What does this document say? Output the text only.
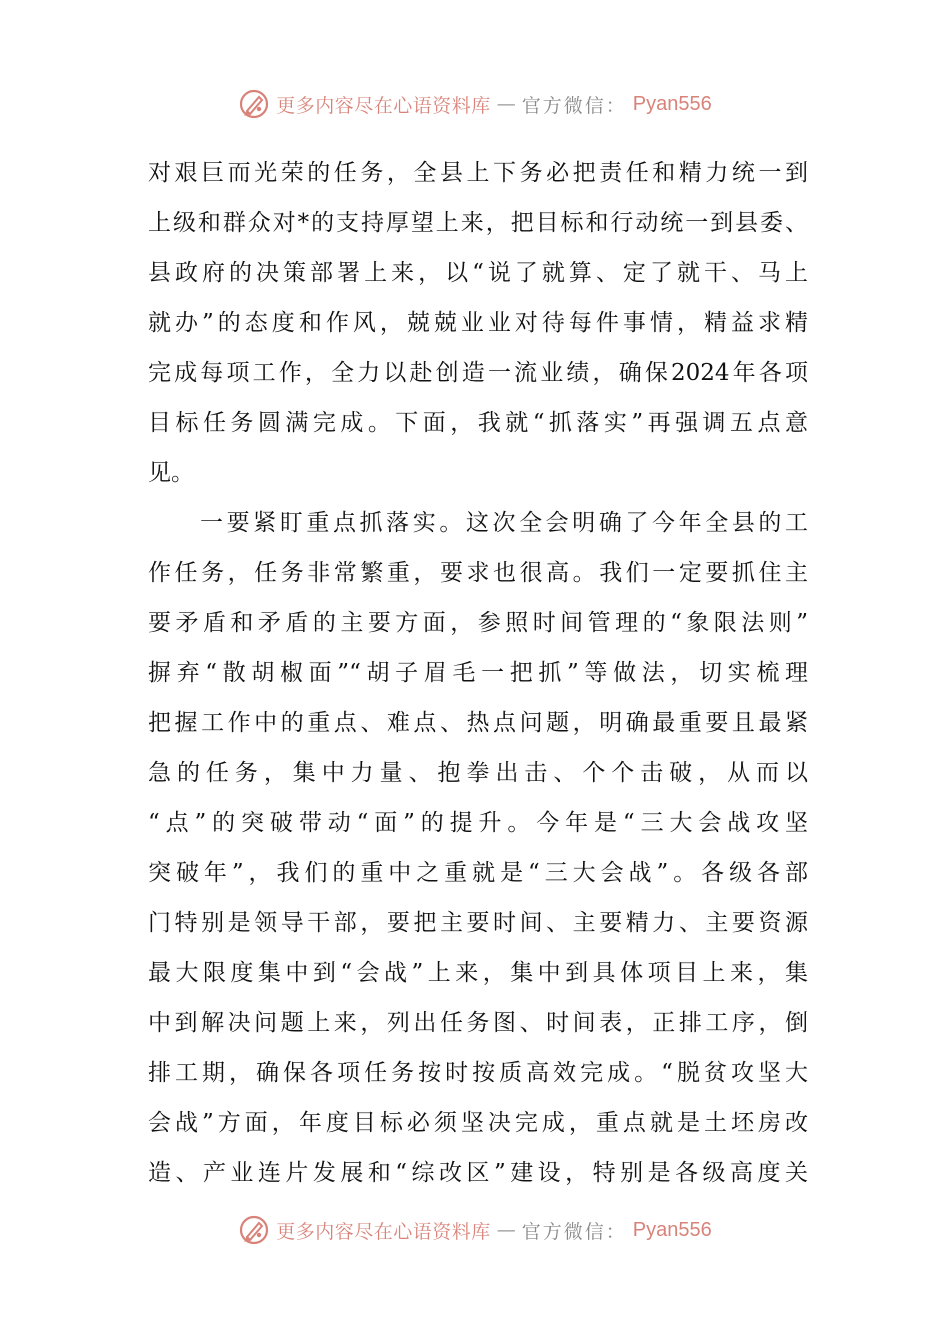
更多内容尽在心语资料库 — 官方微信： Pyan556
对艰巨而光荣的任务，全县上下务必把责任和精力统一到
上级和群众对*的支持厚望上来，把目标和行动统一到县委、
县政府的决策部署上来，以“说了就算、定了就干、马上
就办”的态度和作风，兢兢业业对待每件事情，精益求精
完成每项工作，全力以赴创造一流业绩，确保2024年各项
目标任务圆满完成。下面，我就“抓落实”再强调五点意
见。
一要紧盯重点抓落实。这次全会明确了今年全县的工
作任务，任务非常繁重，要求也很高。我们一定要抓住主
要矛盾和矛盾的主要方面，参照时间管理的“象限法则”
摒弃“散胡椒面”“胡子眉毛一把抓”等做法，切实梳理
把握工作中的重点、难点、热点问题，明确最重要且最紧
急的任务，集中力量、抱拳出击、个个击破，从而以
“点”的突破带动“面”的提升。今年是“三大会战攻坚
突破年”，我们的重中之重就是“三大会战”。各级各部
门特别是领导干部，要把主要时间、主要精力、主要资源
最大限度集中到“会战”上来，集中到具体项目上来，集
中到解决问题上来，列出任务图、时间表，正排工序，倒
排工期，确保各项任务按时按质高效完成。“脱贫攻坚大
会战”方面，年度目标必须坚决完成，重点就是土坯房改
造、产业连片发展和“综改区”建设，特别是各级高度关
更多内容尽在心语资料库 — 官方微信： Pyan556
